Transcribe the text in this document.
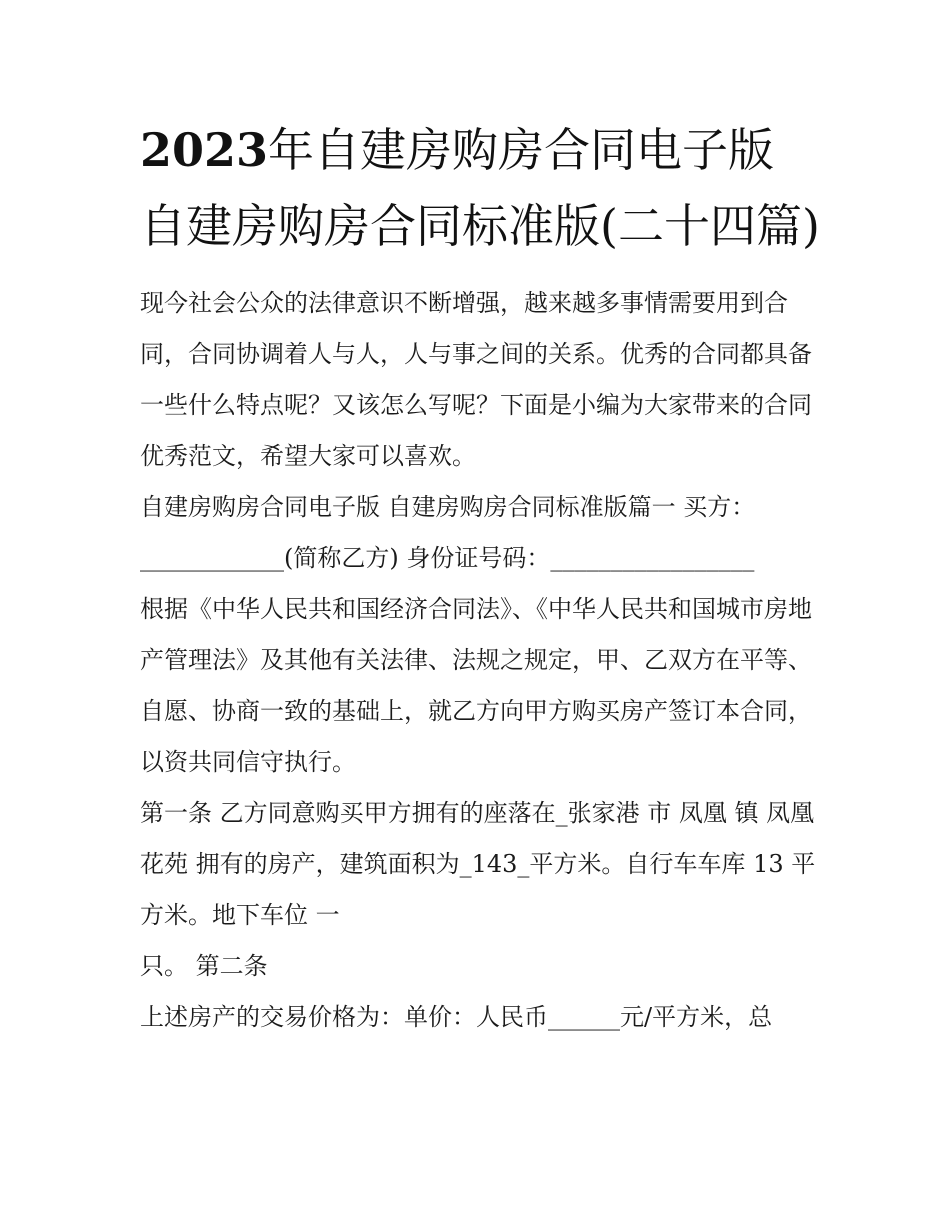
2023年自建房购房合同电子版 自建房购房合同标准版(二十四篇)

现今社会公众的法律意识不断增强，越来越多事情需要用到合同，合同协调着人与人，人与事之间的关系。优秀的合同都具备一些什么特点呢？又该怎么写呢？下面是小编为大家带来的合同优秀范文，希望大家可以喜欢。

自建房购房合同电子版 自建房购房合同标准版篇一 买方：

____________(简称乙方) 身份证号码：_________________

根据《中华人民共和国经济合同法》、《中华人民共和国城市房地产管理法》及其他有关法律、法规之规定，甲、乙双方在平等、自愿、协商一致的基础上，就乙方向甲方购买房产签订本合同，以资共同信守执行。

第一条 乙方同意购买甲方拥有的座落在_张家港 市 凤凰 镇 凤凰花苑 拥有的房产，建筑面积为_143_平方米。自行车车库 13 平方米。地下车位 一

只。 第二条

上述房产的交易价格为：单价：人民币______元/平方米，总
